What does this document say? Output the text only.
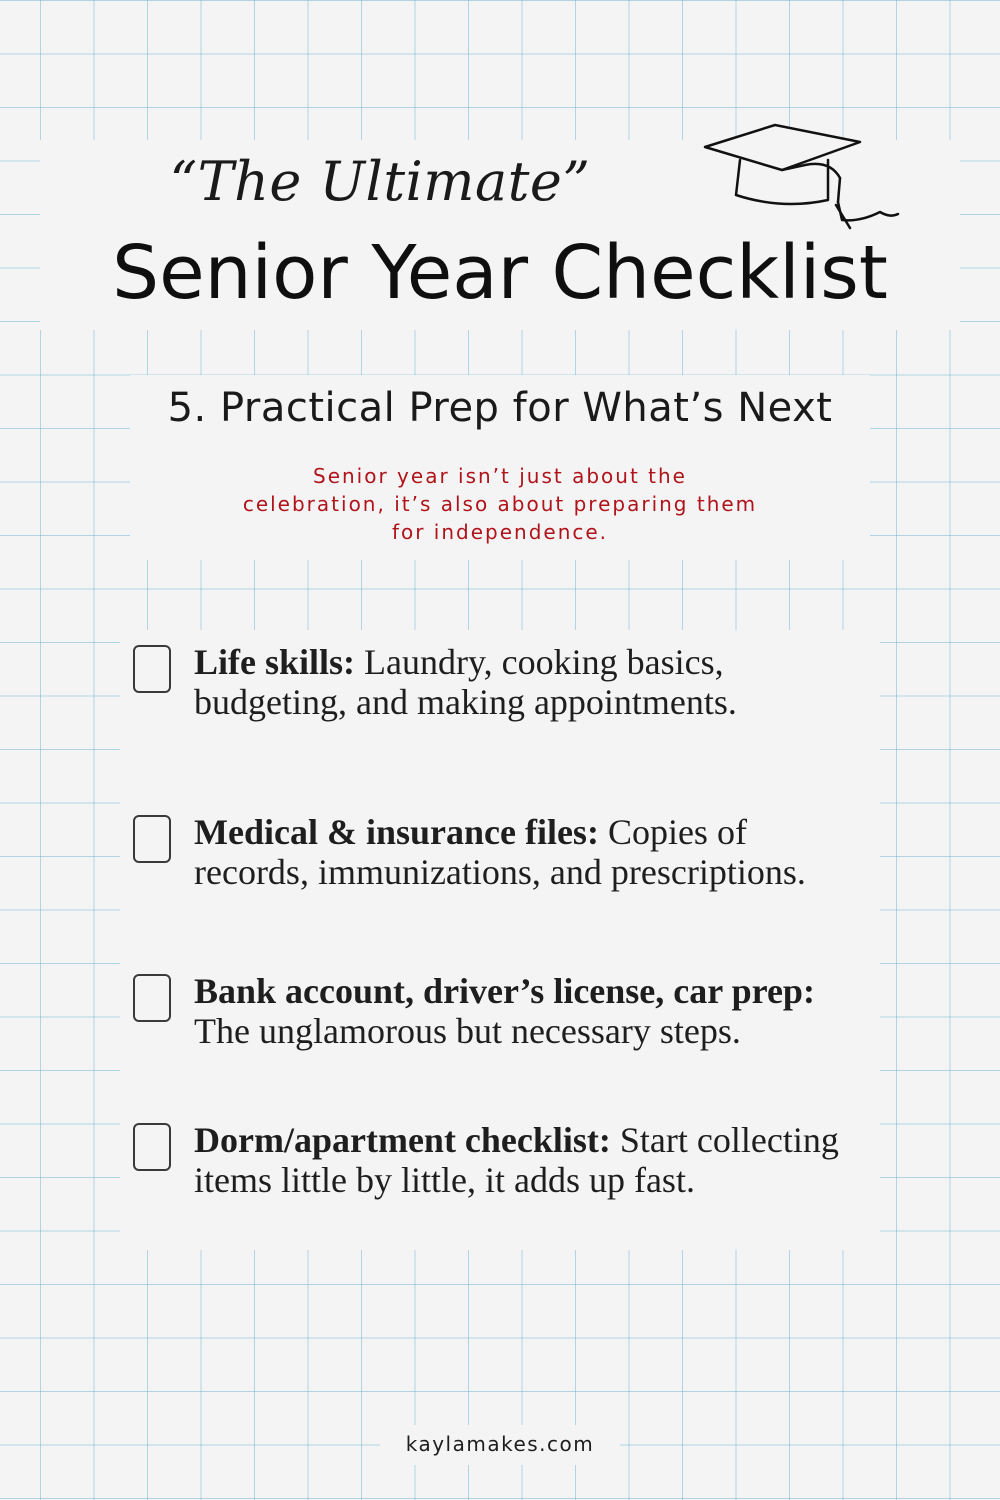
“The Ultimate”
Senior Year Checklist
5. Practical Prep for What’s Next
Senior year isn’t just about the celebration, it’s also about preparing them for independence.
Life skills: Laundry, cooking basics, budgeting, and making appointments.
Medical & insurance files: Copies of records, immunizations, and prescriptions.
Bank account, driver’s license, car prep: The unglamorous but necessary steps.
Dorm/apartment checklist: Start collecting items little by little, it adds up fast.
kaylamakes.com
